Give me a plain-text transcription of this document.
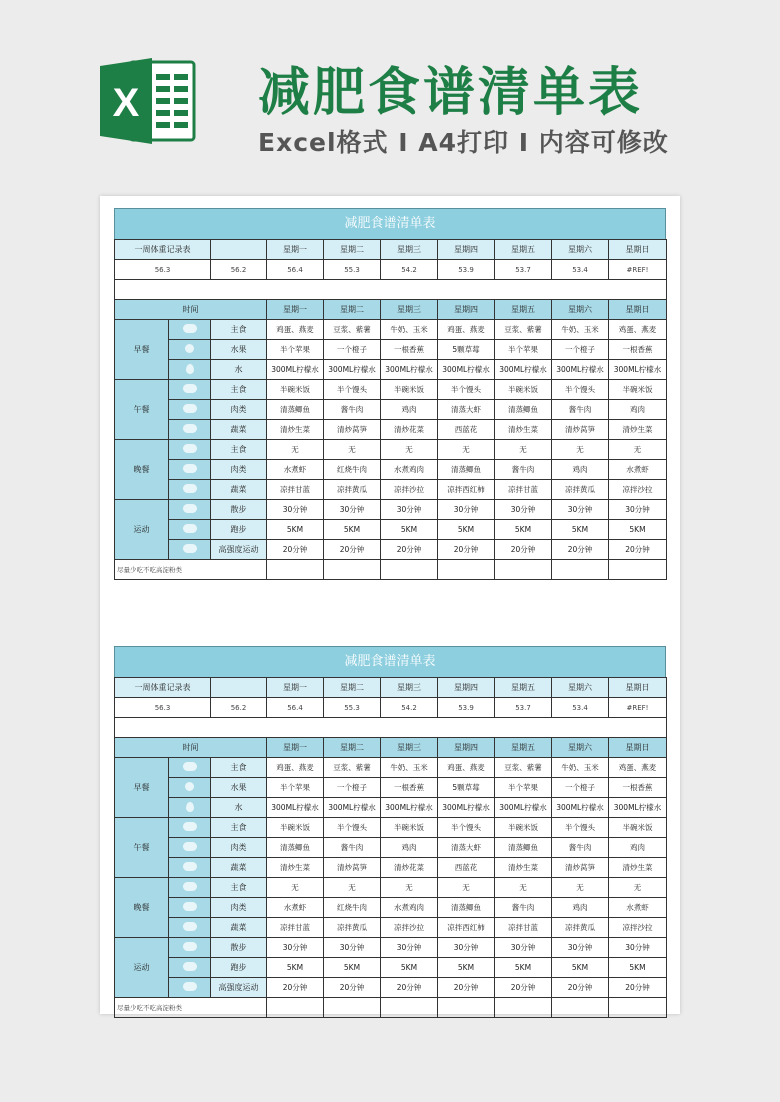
X 减肥食谱清单表
Excel格式 I A4打印 I 内容可修改
减肥食谱清单表
一周体重记录表			星期一	星期二	星期三	星期四	星期五	星期六	星期日	
56.3		56.2	56.4	55.3	54.2	53.9	53.7	53.4	#REF!	

时间			星期一	星期二	星期三	星期四	星期五	星期六	星期日	
早餐		主食	鸡蛋、燕麦	豆浆、紫薯	牛奶、玉米	鸡蛋、燕麦	豆浆、紫薯	牛奶、玉米	鸡蛋、燕麦	
		水果	半个苹果	一个橙子	一根香蕉	5颗草莓	半个苹果	一个橙子	一根香蕉	
		水	300ML柠檬水	300ML柠檬水	300ML柠檬水	300ML柠檬水	300ML柠檬水	300ML柠檬水	300ML柠檬水	
午餐		主食	半碗米饭	半个馒头	半碗米饭	半个馒头	半碗米饭	半个馒头	半碗米饭	
		肉类	清蒸鲫鱼	酱牛肉	鸡肉	清蒸大虾	清蒸鲫鱼	酱牛肉	鸡肉	
		蔬菜	清炒生菜	清炒莴笋	清炒花菜	西蓝花	清炒生菜	清炒莴笋	清炒生菜	
晚餐		主食	无	无	无	无	无	无	无	
		肉类	水煮虾	红烧牛肉	水煮鸡肉	清蒸鲫鱼	酱牛肉	鸡肉	水煮虾	
		蔬菜	凉拌甘蓝	凉拌黄瓜	凉拌沙拉	凉拌西红柿	凉拌甘蓝	凉拌黄瓜	凉拌沙拉	
运动		散步	30分钟	30分钟	30分钟	30分钟	30分钟	30分钟	30分钟	
		跑步	5KM	5KM	5KM	5KM	5KM	5KM	5KM	
		高强度运动	20分钟	20分钟	20分钟	20分钟	20分钟	20分钟	20分钟	
尽量少吃不吃高淀粉类										
减肥食谱清单表
一周体重记录表			星期一	星期二	星期三	星期四	星期五	星期六	星期日	
56.3		56.2	56.4	55.3	54.2	53.9	53.7	53.4	#REF!	

时间			星期一	星期二	星期三	星期四	星期五	星期六	星期日	
早餐		主食	鸡蛋、燕麦	豆浆、紫薯	牛奶、玉米	鸡蛋、燕麦	豆浆、紫薯	牛奶、玉米	鸡蛋、燕麦	
		水果	半个苹果	一个橙子	一根香蕉	5颗草莓	半个苹果	一个橙子	一根香蕉	
		水	300ML柠檬水	300ML柠檬水	300ML柠檬水	300ML柠檬水	300ML柠檬水	300ML柠檬水	300ML柠檬水	
午餐		主食	半碗米饭	半个馒头	半碗米饭	半个馒头	半碗米饭	半个馒头	半碗米饭	
		肉类	清蒸鲫鱼	酱牛肉	鸡肉	清蒸大虾	清蒸鲫鱼	酱牛肉	鸡肉	
		蔬菜	清炒生菜	清炒莴笋	清炒花菜	西蓝花	清炒生菜	清炒莴笋	清炒生菜	
晚餐		主食	无	无	无	无	无	无	无	
		肉类	水煮虾	红烧牛肉	水煮鸡肉	清蒸鲫鱼	酱牛肉	鸡肉	水煮虾	
		蔬菜	凉拌甘蓝	凉拌黄瓜	凉拌沙拉	凉拌西红柿	凉拌甘蓝	凉拌黄瓜	凉拌沙拉	
运动		散步	30分钟	30分钟	30分钟	30分钟	30分钟	30分钟	30分钟	
		跑步	5KM	5KM	5KM	5KM	5KM	5KM	5KM	
		高强度运动	20分钟	20分钟	20分钟	20分钟	20分钟	20分钟	20分钟	
尽量少吃不吃高淀粉类										
